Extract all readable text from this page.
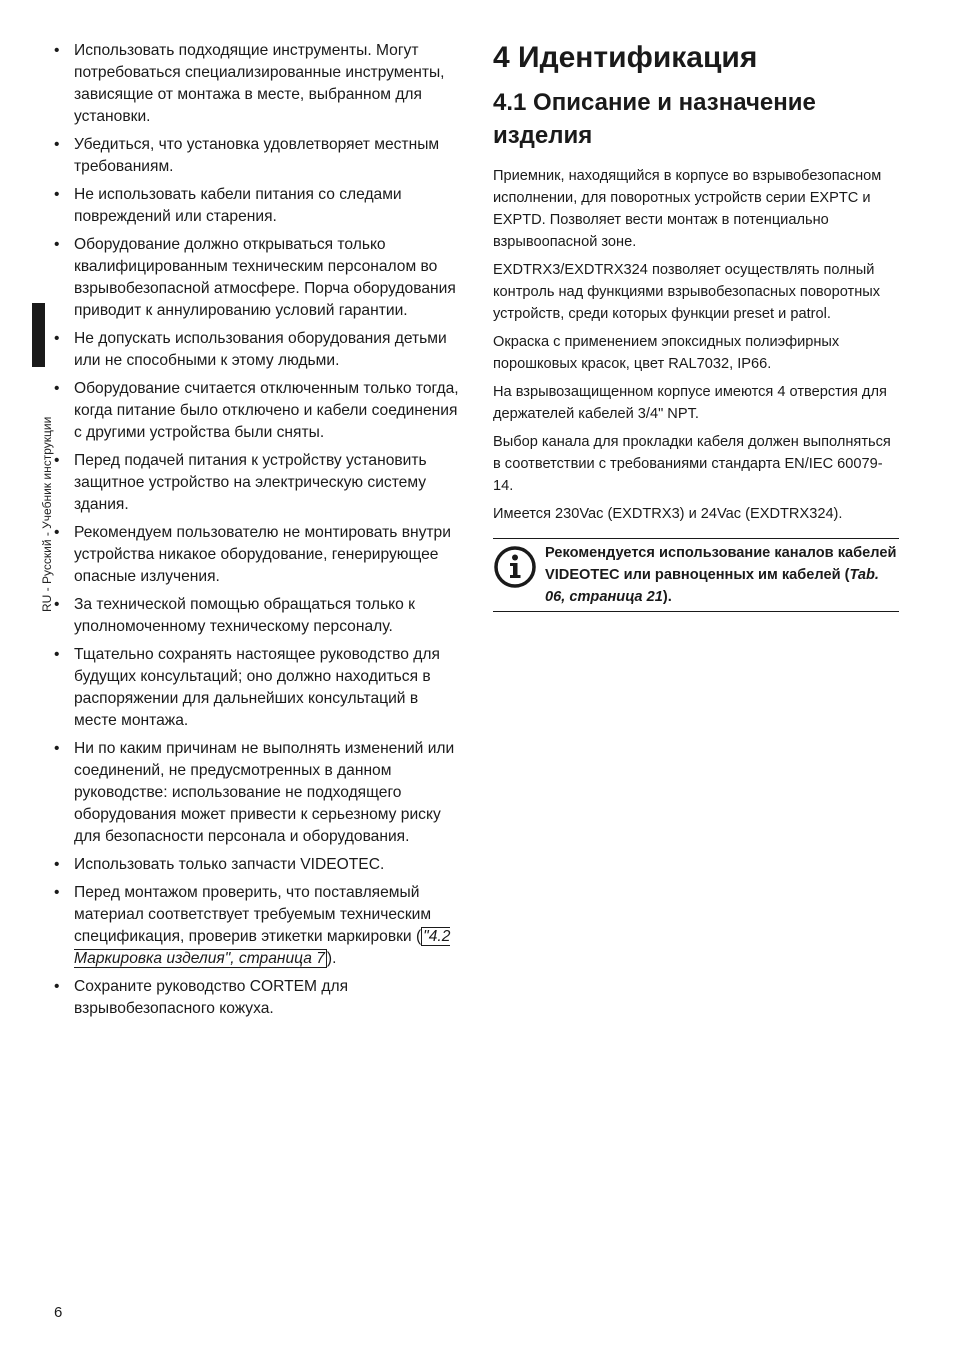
RU - Русский - Учебник инструкции
• Использовать подходящие инструменты. Могут потребоваться специализированные инструменты, зависящие от монтажа в месте, выбранном для установки.
• Убедиться, что установка удовлетворяет местным требованиям.
• Не использовать кабели питания со следами повреждений или старения.
• Оборудование должно открываться только квалифицированным техническим персоналом во взрывобезопасной атмосфере. Порча оборудования приводит к аннулированию условий гарантии.
• Не допускать использования оборудования детьми или не способными к этому людьми.
• Оборудование считается отключенным только тогда, когда питание было отключено и кабели соединения с другими устройства были сняты.
• Перед подачей питания к устройству установить защитное устройство на электрическую систему здания.
• Рекомендуем пользователю не монтировать внутри устройства никакое оборудование, генерирующее опасные излучения.
• За технической помощью обращаться только к уполномоченному техническому персоналу.
• Тщательно сохранять настоящее руководство для будущих консультаций; оно должно находиться в распоряжении для дальнейших консультаций в месте монтажа.
• Ни по каким причинам не выполнять изменений или соединений, не предусмотренных в данном руководстве: использование не подходящего оборудования может привести к серьезному риску для безопасности персонала и оборудования.
• Использовать только запчасти VIDEOTEC.
• Перед монтажом проверить, что поставляемый материал соответствует требуемым техническим спецификация, проверив этикетки маркировки ( "4.2 Маркировка изделия", страница 7 ).
• Сохраните руководство CORTEM для взрывобезопасного кожуха.
4 Идентификация
4.1 Описание и назначение изделия

Приемник, находящийся в корпусе во взрывобезопасном исполнении, для поворотных устройств серии EXPTC и EXPTD. Позволяет вести монтаж в потенциально взрывоопасной зоне.

EXDTRX3/EXDTRX324 позволяет осуществлять полный контроль над функциями взрывобезопасных поворотных устройств, среди которых функции preset и patrol.

Окраска с применением эпоксидных полиэфирных порошковых красок, цвет RAL7032, IP66.

На взрывозащищенном корпусе имеются 4 отверстия для держателей кабелей 3/4" NPT.

Выбор канала для прокладки кабеля должен выполняться в соответствии с требованиями стандарта EN/IEC 60079-14.

Имеется 230Vac (EXDTRX3) и 24Vac (EXDTRX324).

Рекомендуется использование каналов кабелей VIDEOTEC или равноценных им кабелей (Tab. 06, страница 21).
6
